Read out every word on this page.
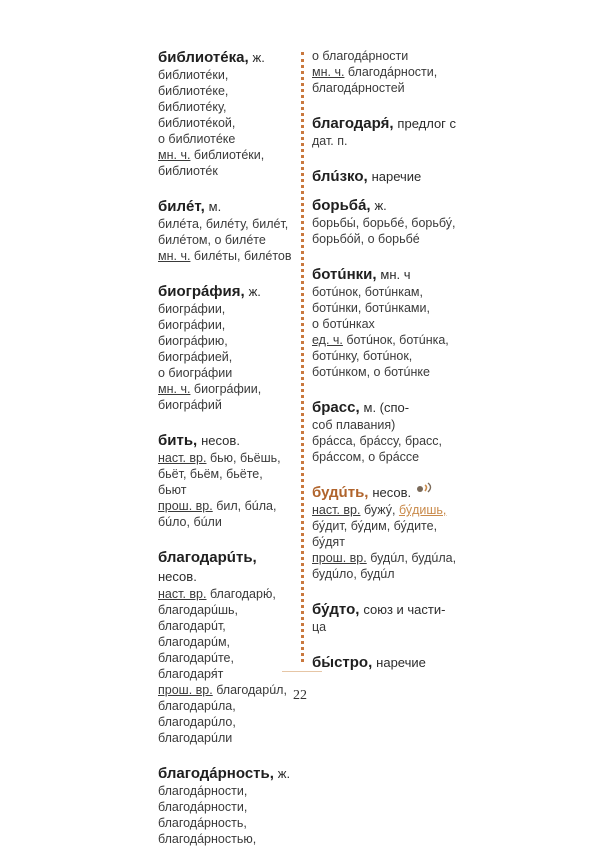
библиотéка, ж.
библиотéки, библиотéке,
библиотéку, библиотéкой,
о библиотéке
мн. ч. библиотéки,
библиотéк
билéт, м.
билéта, билéту, билéт,
билéтом, о билéте
мн. ч. билéты, билéтов
биогрáфия, ж.
биогрáфии, биогрáфии,
биогрáфию, биогрáфией,
о биогрáфии
мн. ч. биогрáфии,
биогрáфий
бить, несов.
наст. вр. бью, бьёшь,
бьёт, бьём, бьёте, бьют
прош. вр. бил, бúла,
бúло, бúли
благодарúть, несов.
наст. вр. благодарю́,
благодарúшь, благодарúт,
благодарúм, благодарúте,
благодаря́т
прош. вр. благодарúл,
благодарúла, благодарúло,
благодарúли
благодáрность, ж.
благодáрности,
благодáрности,
благодáрность,
благодáрностью,
о благодáрности
мн. ч. благодáрности,
благодáрностей
благодаря́, предлог с
дат. п.
блúзко, наречие
борьбá, ж.
борьбы́, борьбé, борьбу́,
борьбóй, о борьбé
ботúнки, мн. ч
ботúнок, ботúнкам,
ботúнки, ботúнками,
о ботúнках
ед. ч. ботúнок, ботúнка,
ботúнку, ботúнок,
ботúнком, о ботúнке
брасс, м. (спо-
соб плавания)
брáсса, брáссу, брасс,
брáссом, о брáссе
будúть, несов.
наст. вр. бужу́, бу́дишь,
бу́дит, бу́дим, бу́дите,
бу́дят
прош. вр. будúл, будúла,
будúло, будúл
бу́дто, союз и части-
ца
бы́стро, наречие
22
